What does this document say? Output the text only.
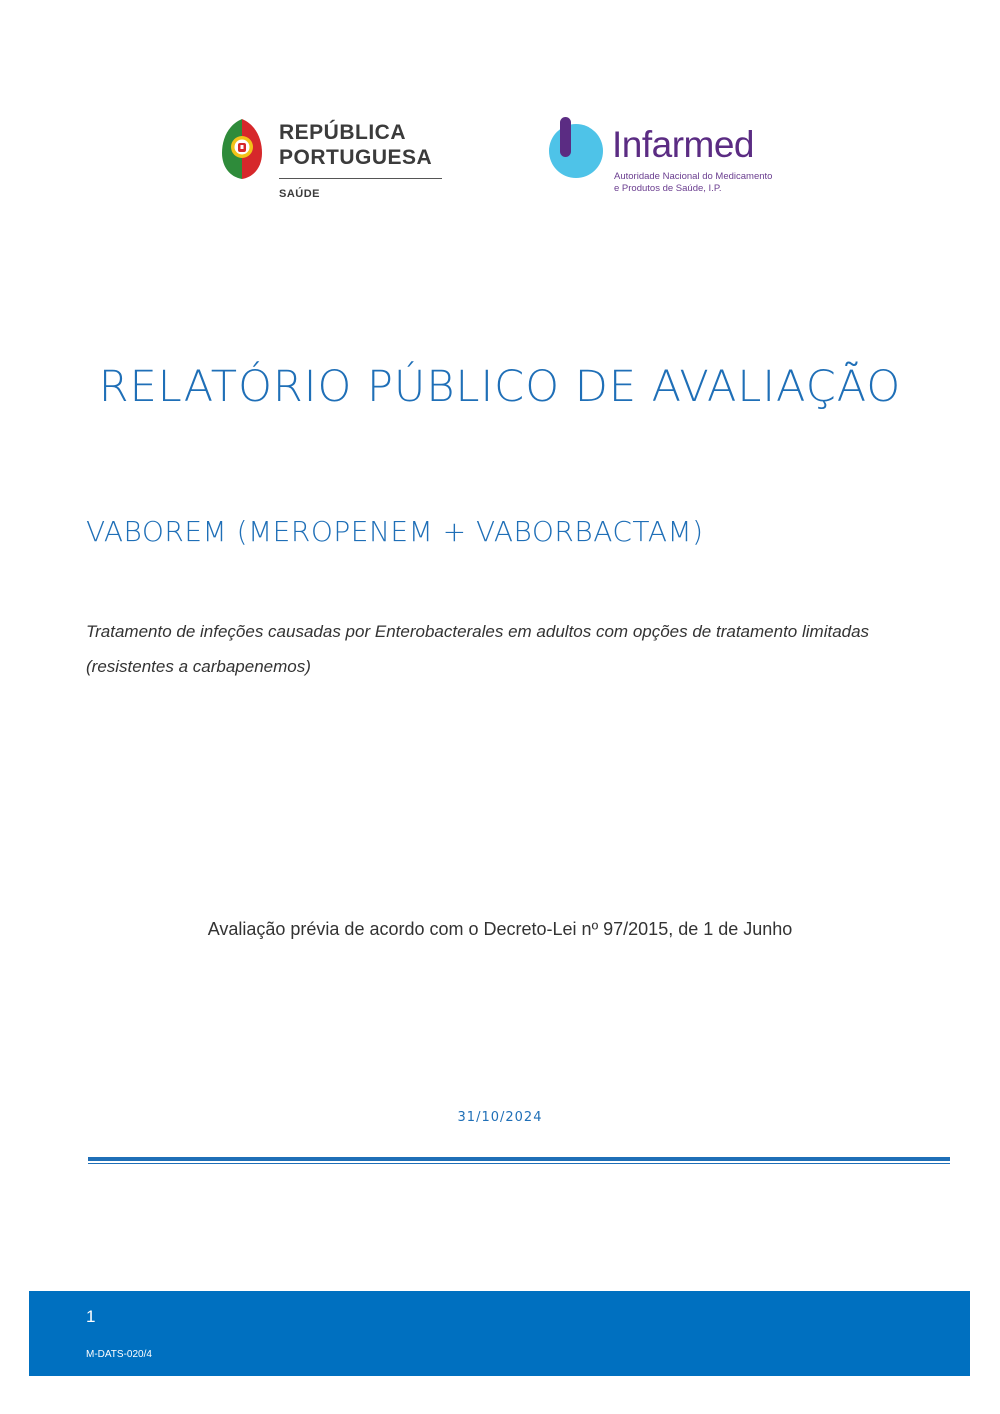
REPÚBLICA
PORTUGUESA
SAÚDE
Infarmed
Autoridade Nacional do Medicamento
e Produtos de Saúde, I.P.
RELATÓRIO PÚBLICO DE AVALIAÇÃO
VABOREM (MEROPENEM + VABORBACTAM)
Tratamento de infeções causadas por Enterobacterales em adultos com opções de tratamento limitadas (resistentes a carbapenemos)
Avaliação prévia de acordo com o Decreto-Lei nº 97/2015, de 1 de Junho
31/10/2024
1
M-DATS-020/4
